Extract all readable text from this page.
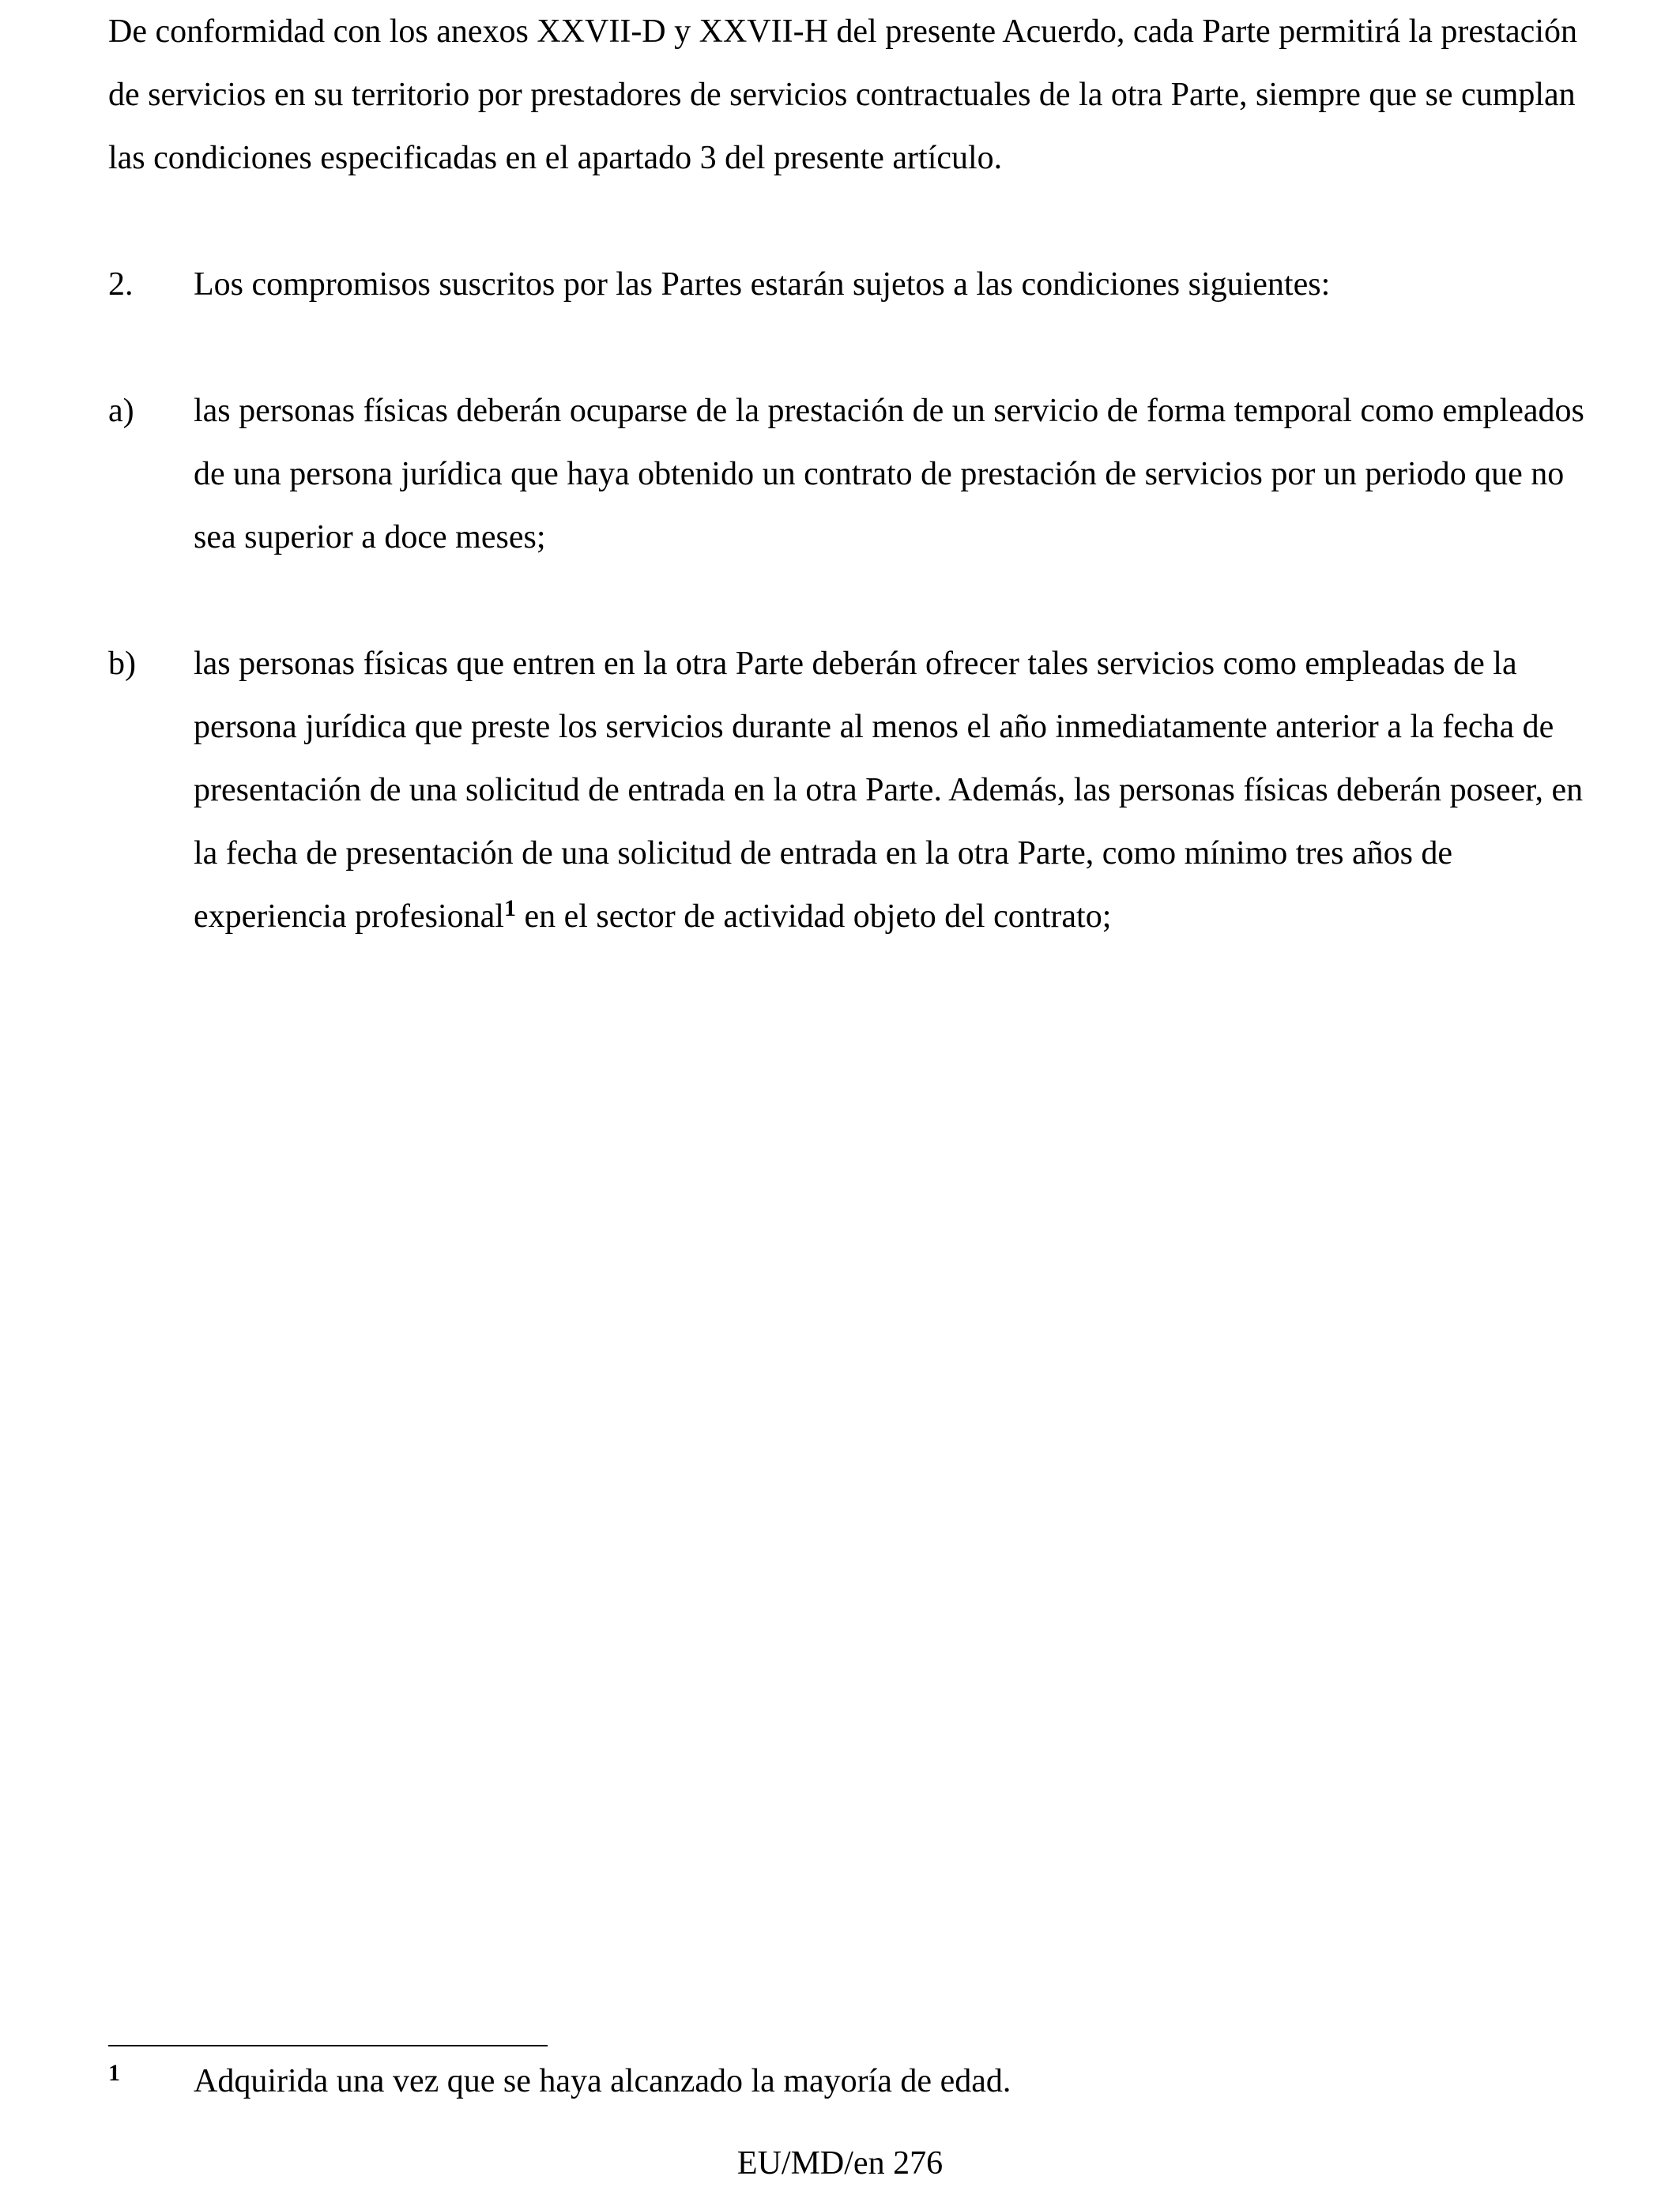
De conformidad con los anexos XXVII-D y XXVII-H del presente Acuerdo, cada Parte permitirá la prestación de servicios en su territorio por prestadores de servicios contractuales de la otra Parte, siempre que se cumplan las condiciones especificadas en el apartado 3 del presente artículo.

2. Los compromisos suscritos por las Partes estarán sujetos a las condiciones siguientes:
a) las personas físicas deberán ocuparse de la prestación de un servicio de forma temporal como empleados de una persona jurídica que haya obtenido un contrato de prestación de servicios por un periodo que no sea superior a doce meses;

b) las personas físicas que entren en la otra Parte deberán ofrecer tales servicios como empleadas de la persona jurídica que preste los servicios durante al menos el año inmediatamente anterior a la fecha de presentación de una solicitud de entrada en la otra Parte. Además, las personas físicas deberán poseer, en la fecha de presentación de una solicitud de entrada en la otra Parte, como mínimo tres años de experiencia profesional$^1$ en el sector de actividad objeto del contrato;

1 Adquirida una vez que se haya alcanzado la mayoría de edad.
EU/MD/en 276
